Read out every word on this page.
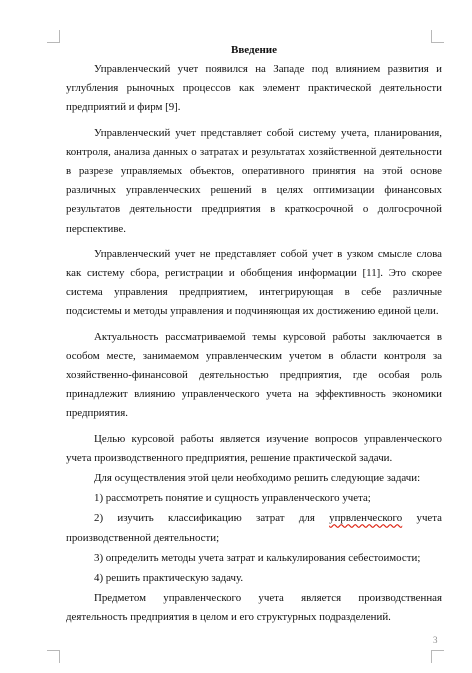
Введение

Управленческий учет появился на Западе под влиянием развития и углубления рыночных процессов как элемент практической деятельности предприятий и фирм [9].

Управленческий учет представляет собой систему учета, планирования, контроля, анализа данных о затратах и результатах хозяйственной деятельности в разрезе управляемых объектов, оперативного принятия на этой основе различных управленческих решений в целях оптимизации финансовых результатов деятельности предприятия в краткосрочной о долгосрочной перспективе.

Управленческий учет не представляет собой учет в узком смысле слова как систему сбора, регистрации и обобщения информации [11]. Это скорее система управления предприятием, интегрирующая в себе различные подсистемы и методы управления и подчиняющая их достижению единой цели.

Актуальность рассматриваемой темы курсовой работы заключается в особом месте, занимаемом управленческим учетом в области контроля за хозяйственно-финансовой деятельностью предприятия, где особая роль принадлежит влиянию управленческого учета на эффективность экономики предприятия.

Целью курсовой работы является изучение вопросов управленческого учета производственного предприятия, решение практической задачи.

Для осуществления этой цели необходимо решить следующие задачи:

1) рассмотреть понятие и сущность управленческого учета;

2) изучить классификацию затрат для упрвленческого учета производственной деятельности;

3) определить методы учета затрат и калькулирования себестоимости;

4) решить практическую задачу.

Предметом управленческого учета является производственная деятельность предприятия в целом и его структурных подразделений.

3
